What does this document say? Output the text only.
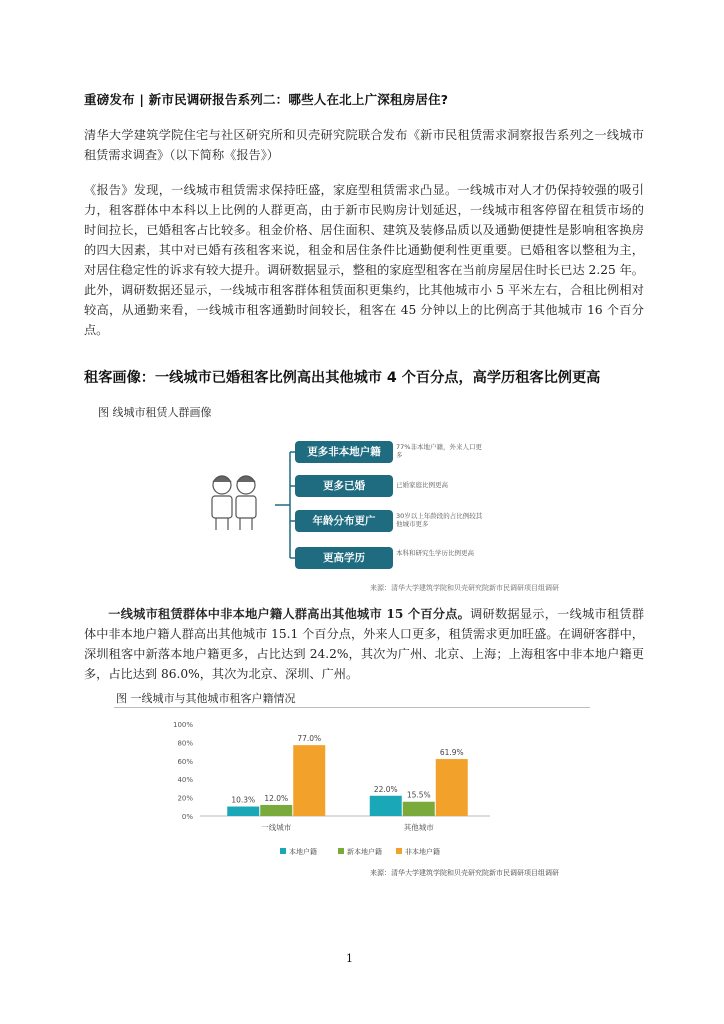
重磅发布 | 新市民调研报告系列二：哪些人在北上广深租房居住?
清华大学建筑学院住宅与社区研究所和贝壳研究院联合发布《新市民租赁需求洞察报告系列之一线城市租赁需求调查》（以下简称《报告》）
《报告》发现，一线城市租赁需求保持旺盛，家庭型租赁需求凸显。一线城市对人才仍保持较强的吸引力，租客群体中本科以上比例的人群更高，由于新市民购房计划延迟，一线城市租客停留在租赁市场的时间拉长，已婚租客占比较多。租金价格、居住面积、建筑及装修品质以及通勤便捷性是影响租客换房的四大因素，其中对已婚有孩租客来说，租金和居住条件比通勤便利性更重要。已婚租客以整租为主，对居住稳定性的诉求有较大提升。调研数据显示，整租的家庭型租客在当前房屋居住时长已达 2.25 年。此外，调研数据还显示，一线城市租客群体租赁面积更集约，比其他城市小 5 平米左右，合租比例相对较高，从通勤来看，一线城市租客通勤时间较长，租客在 45 分钟以上的比例高于其他城市 16 个百分点。
租客画像：一线城市已婚租客比例高出其他城市 4 个百分点，高学历租客比例更高
图 线城市租赁人群画像
更多非本地户籍
更多已婚
年龄分布更广
更高学历
77%非本地户籍，外来人口更多
已婚家庭比例更高
30岁以上年龄段的占比例较其他城市更多
本科和研究生学历比例更高
来源：清华大学建筑学院和贝壳研究院新市民调研项目组调研
一线城市租赁群体中非本地户籍人群高出其他城市 15 个百分点。调研数据显示，一线城市租赁群体中非本地户籍人群高出其他城市 15.1 个百分点，外来人口更多，租赁需求更加旺盛。在调研客群中，深圳租客中新落本地户籍更多，占比达到 24.2%，其次为广州、北京、上海；上海租客中非本地户籍更多，占比达到 86.0%，其次为北京、深圳、广州。
图 一线城市与其他城市租客户籍情况
0%
20%
40%
60%
80%
100%
10.3% 12.0%
77.0%
一线城市
22.0%
15.5%
61.9%
其他城市
本地户籍	新本地户籍	非本地户籍
来源：清华大学建筑学院和贝壳研究院新市民调研项目组调研
1
